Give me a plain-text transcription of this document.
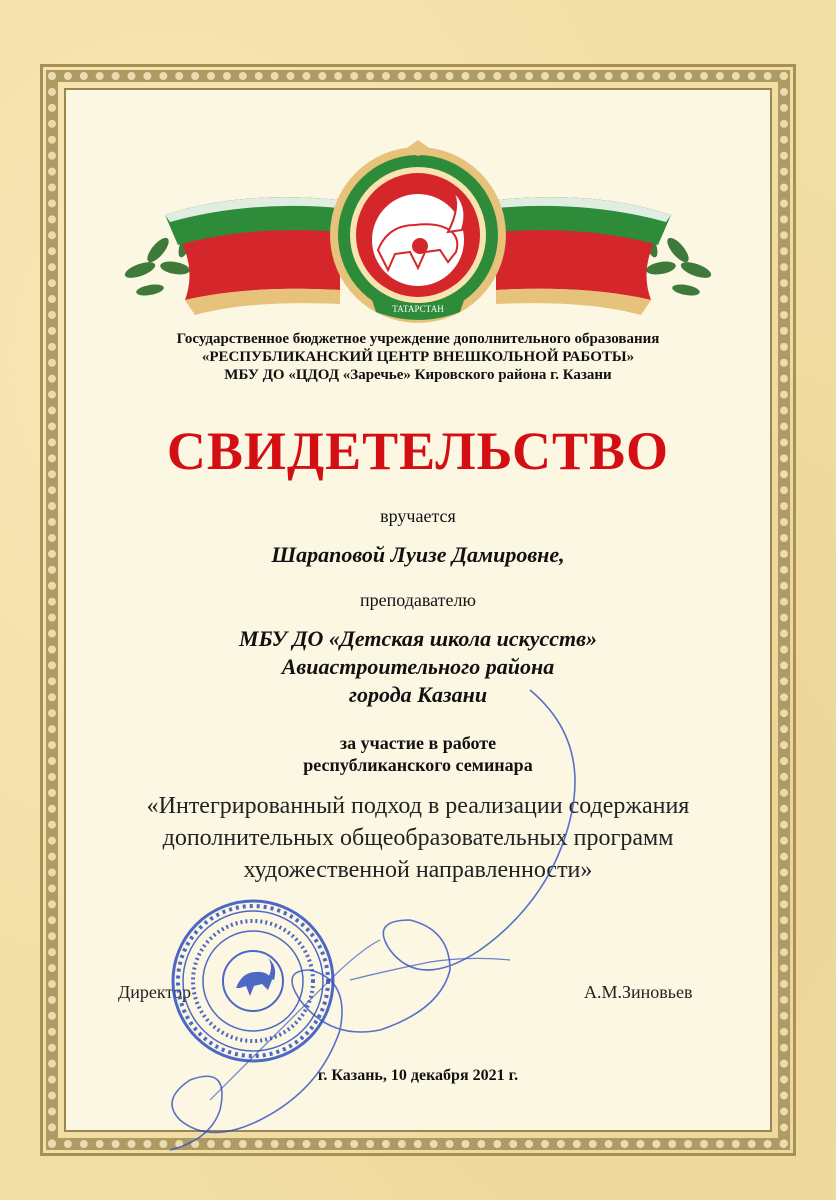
ТАТАРСТАН
Государственное бюджетное учреждение дополнительного образования
«РЕСПУБЛИКАНСКИЙ ЦЕНТР ВНЕШКОЛЬНОЙ РАБОТЫ»
МБУ ДО «ЦДОД «Заречье» Кировского района г. Казани
СВИДЕТЕЛЬСТВО
вручается
Шараповой Луизе Дамировне,
преподавателю
МБУ ДО «Детская школа искусств»
Авиастроительного района
города Казани
за участие в работе
республиканского семинара
«Интегрированный подход в реализации содержания
дополнительных общеобразовательных программ
художественной направленности»
Директор	А.М.Зиновьев
г. Казань, 10 декабря 2021 г.
